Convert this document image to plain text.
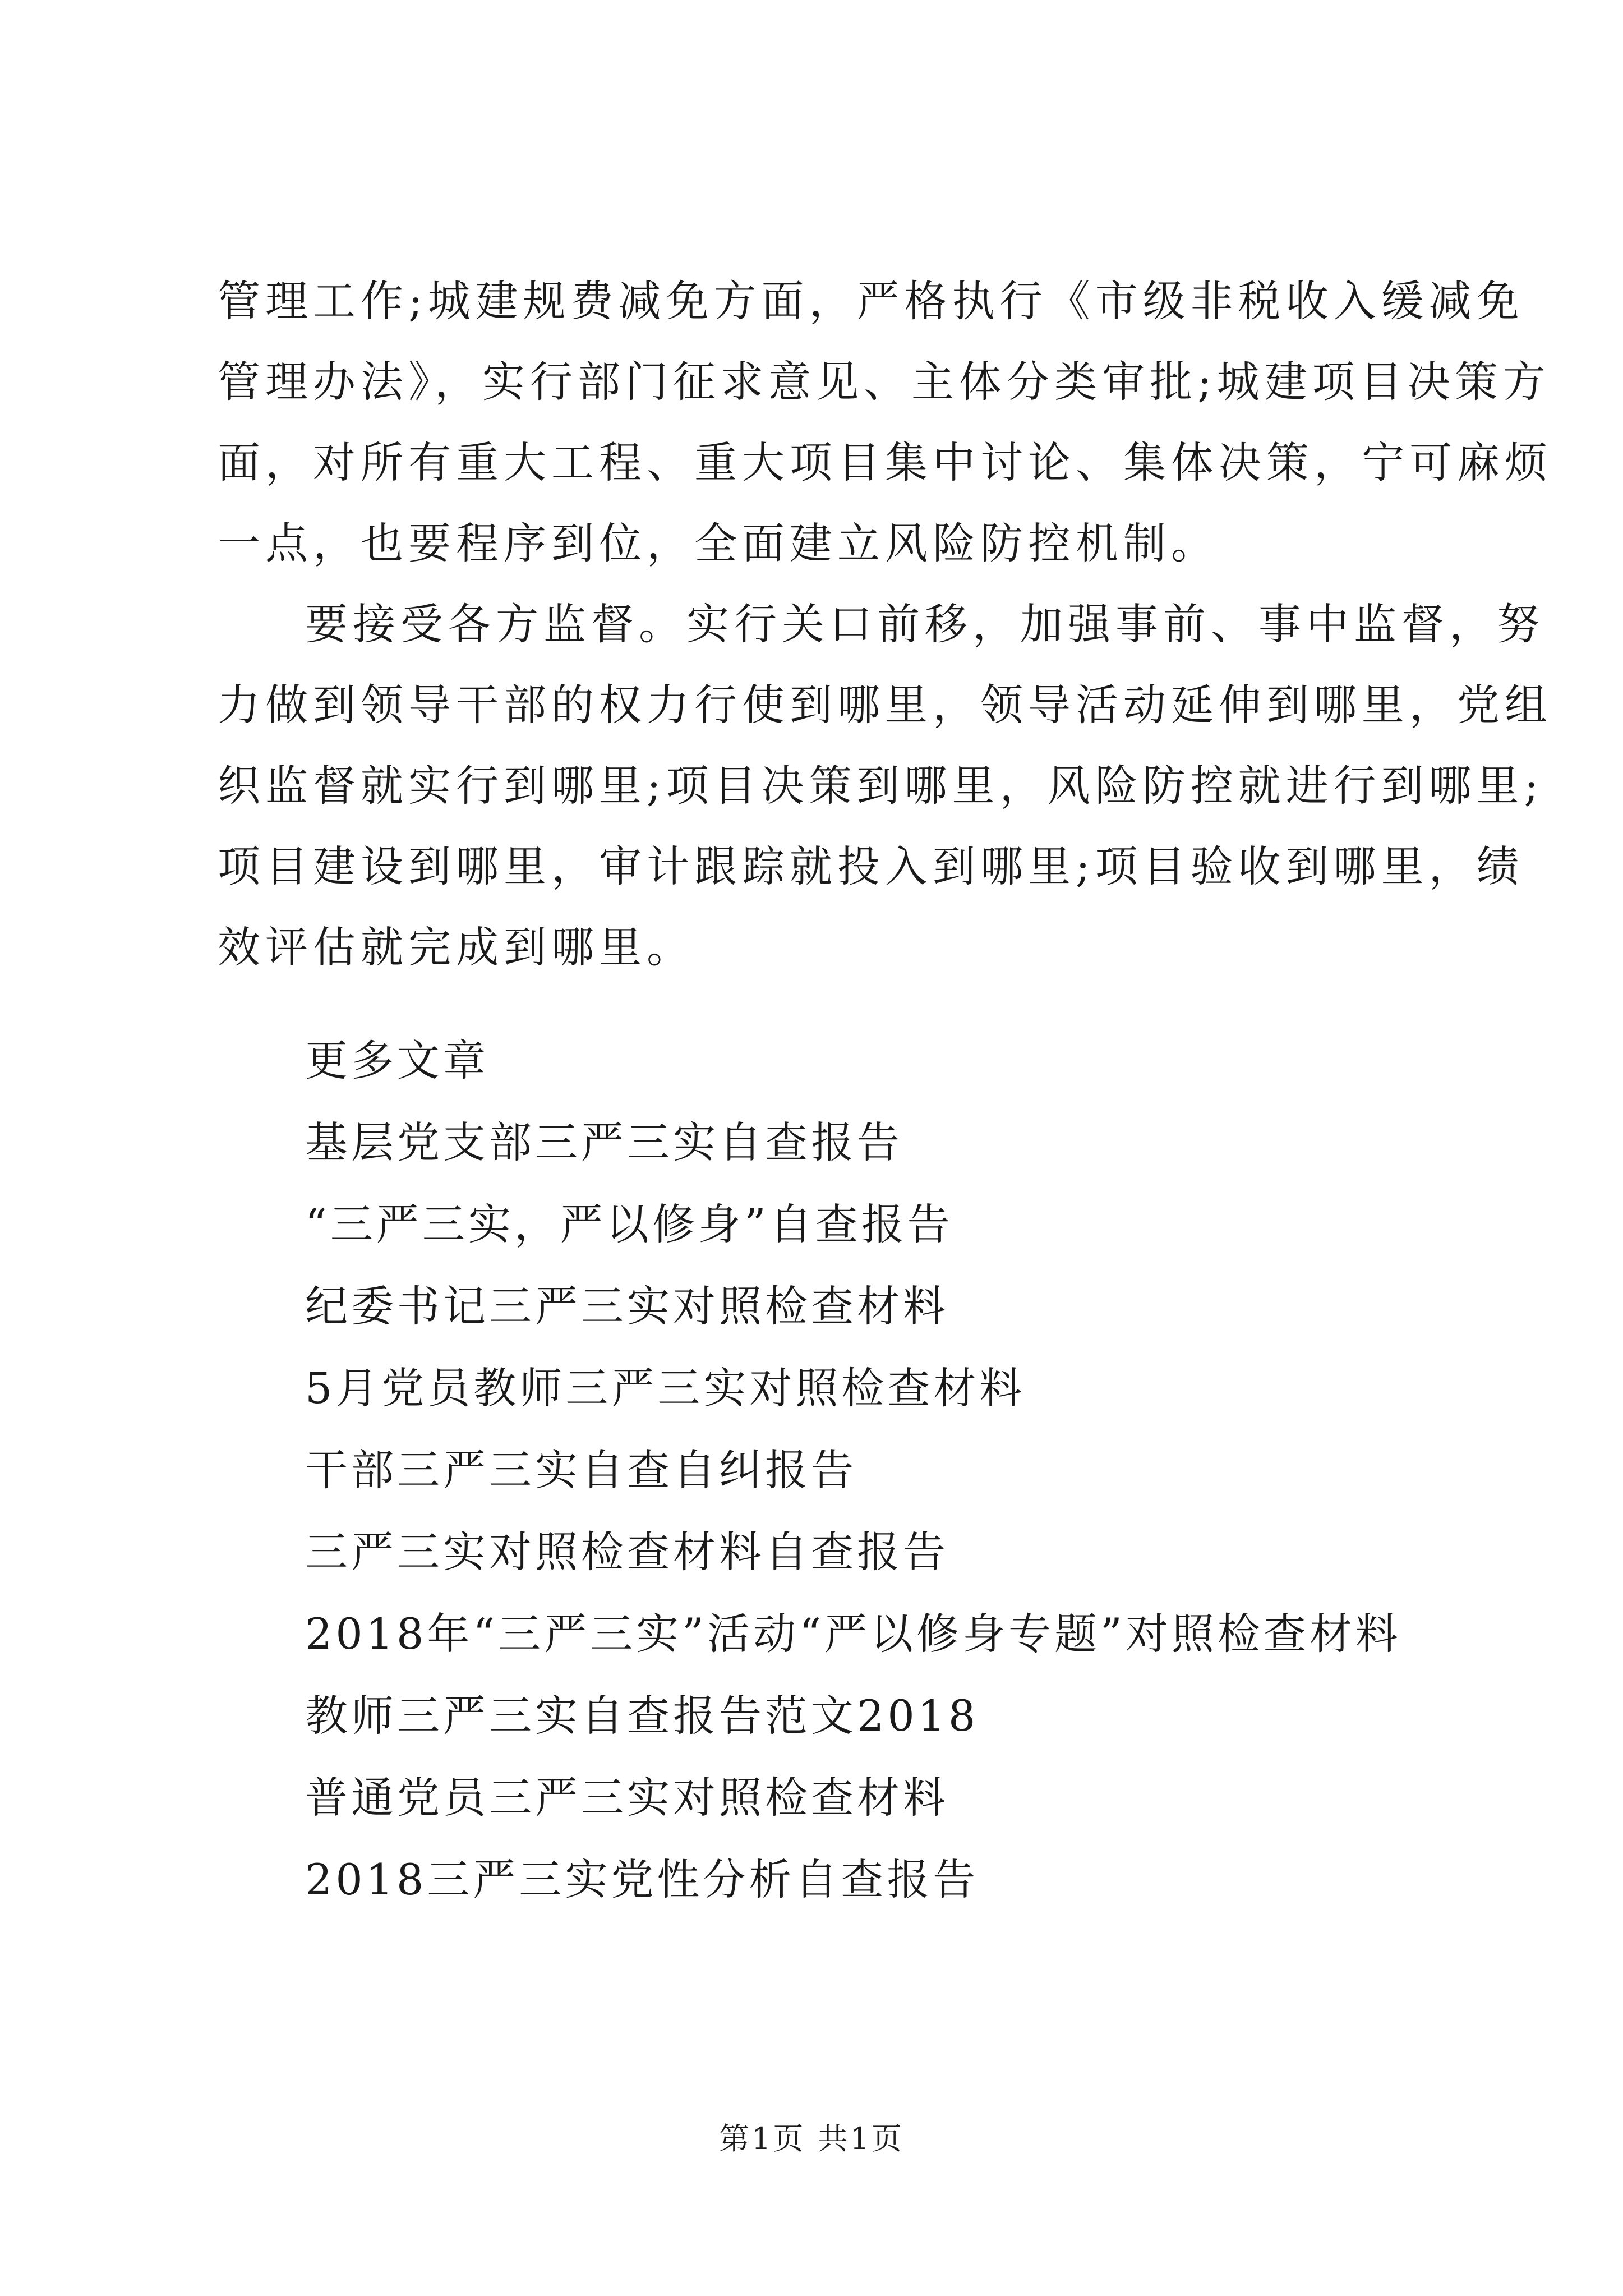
管理工作;城建规费减免方面，严格执行《市级非税收入缓减免
管理办法》，实行部门征求意见、主体分类审批;城建项目决策方
面，对所有重大工程、重大项目集中讨论、集体决策，宁可麻烦
一点，也要程序到位，全面建立风险防控机制。
要接受各方监督。实行关口前移，加强事前、事中监督，努
力做到领导干部的权力行使到哪里，领导活动延伸到哪里，党组
织监督就实行到哪里;项目决策到哪里，风险防控就进行到哪里;
项目建设到哪里，审计跟踪就投入到哪里;项目验收到哪里，绩
效评估就完成到哪里。
更多文章
基层党支部三严三实自查报告
“三严三实，严以修身”自查报告
纪委书记三严三实对照检查材料
5月党员教师三严三实对照检查材料
干部三严三实自查自纠报告
三严三实对照检查材料自查报告
2018年“三严三实”活动“严以修身专题”对照检查材料
教师三严三实自查报告范文2018
普通党员三严三实对照检查材料
2018三严三实党性分析自查报告
第1页 共1页
